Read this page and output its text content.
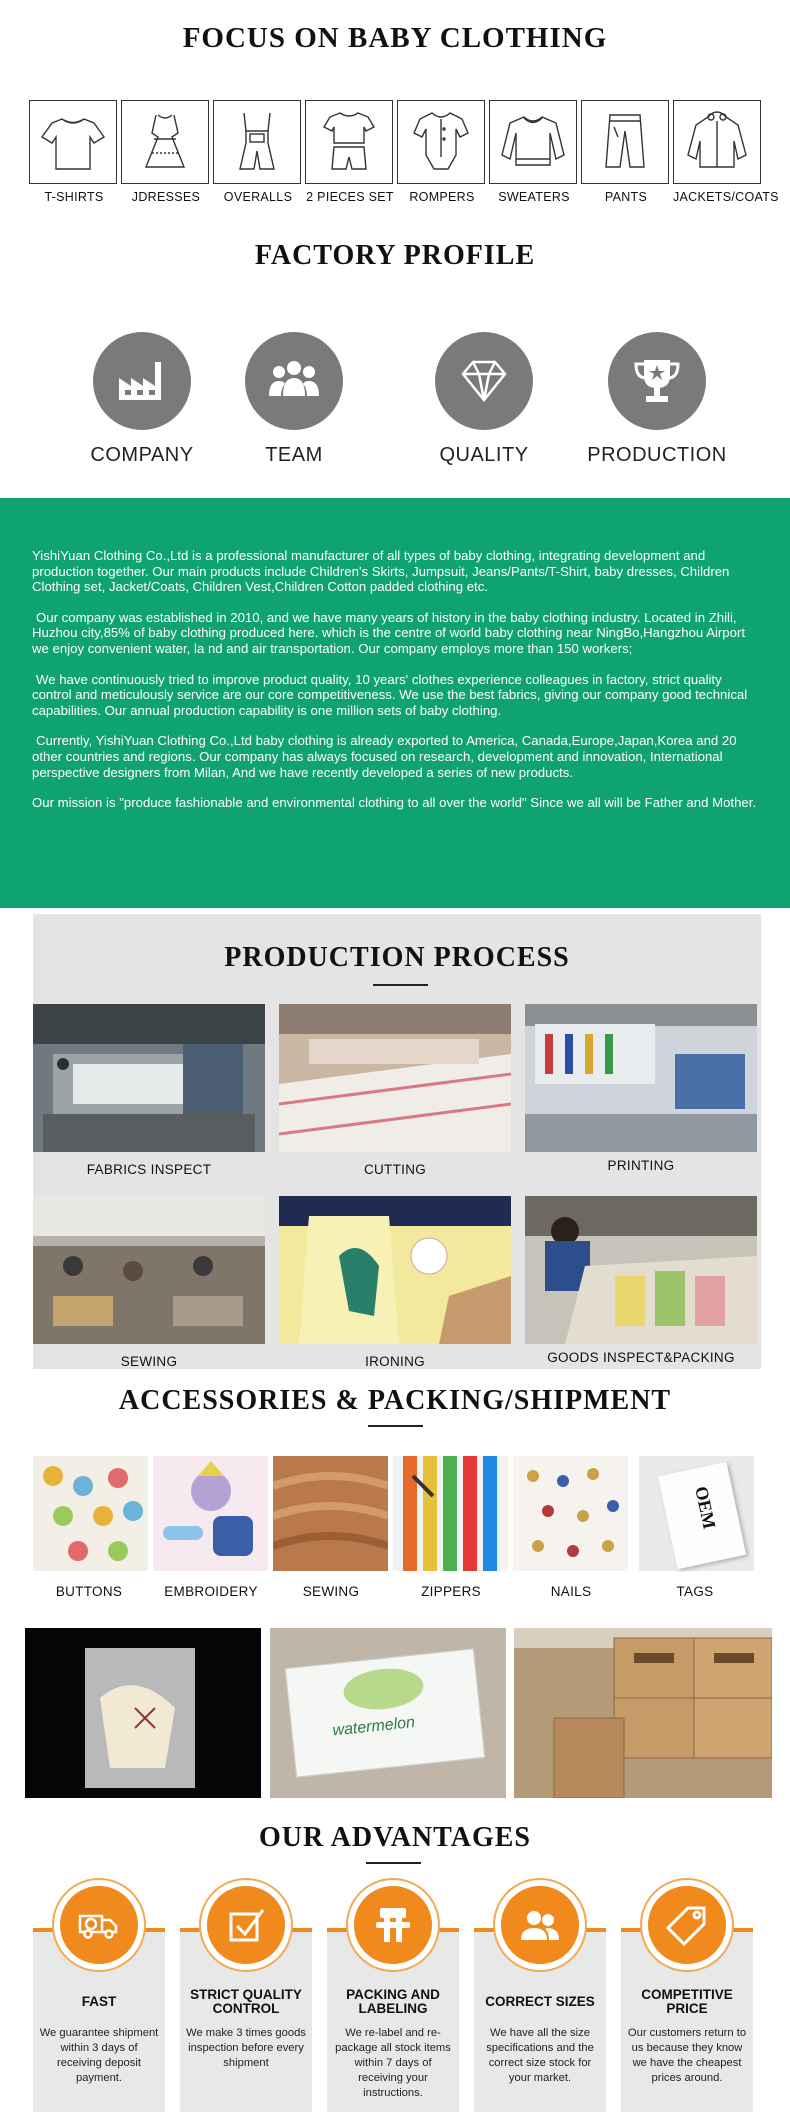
FOCUS ON BABY CLOTHING
T-SHIRTS	JDRESSES	OVERALLS	2 PIECES SET	ROMPERS	SWEATERS	PANTS	JACKETS/COATS
FACTORY PROFILE
COMPANY	TEAM	QUALITY	PRODUCTION

YishiYuan Clothing Co.,Ltd is a professional manufacturer of all types of baby clothing, integrating development and production together. Our main products include Children's Skirts, Jumpsuit, Jeans/Pants/T-Shirt, baby dresses, Children Clothing set, Jacket/Coats, Children Vest,Children Cotton padded clothing etc.

Our company was established in 2010, and we have many years of history in the baby clothing industry. Located in Zhili, Huzhou city,85% of baby clothing produced here. which is the centre of world baby clothing near NingBo,Hangzhou Airport we enjoy convenient water, la nd and air transportation. Our company employs more than 150 workers;

We have continuously tried to improve product quality, 10 years' clothes experience colleagues in factory, strict quality control and meticulously service are our core competitiveness. We use the best fabrics, giving our company good technical capabilities. Our annual production capability is one million sets of baby clothing.

Currently, YishiYuan Clothing Co.,Ltd baby clothing is already exported to America, Canada,Europe,Japan,Korea and 20 other countries and regions. Our company has always focused on research, development and innovation, International perspective designers from Milan, And we have recently developed a series of new products.

Our mission is "produce fashionable and environmental clothing to all over the world" Since we all will be Father and Mother.

PRODUCTION PROCESS
FABRICS INSPECT	CUTTING	PRINTING
SEWING	IRONING	GOODS INSPECT&PACKING
ACCESSORIES & PACKING/SHIPMENT
BUTTONS	EMBROIDERY	SEWING	ZIPPERS	NAILS
OEM
TAGS
watermelon
OUR ADVANTAGES
FAST
We guarantee shipment within 3 days of receiving deposit payment.
STRICT QUALITY CONTROL
We make 3 times goods inspection before every shipment
PACKING AND LABELING
We re-label and re-package all stock items within 7 days of receiving your instructions.
CORRECT SIZES
We have all the size specifications and the correct size stock for your market.
COMPETITIVE PRICE
Our customers return to us because they know we have the cheapest prices around.
